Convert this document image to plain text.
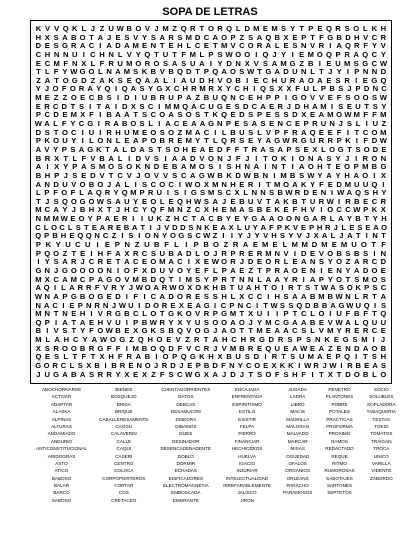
SOPA DE LETRAS
K V V Q K L J Z U W B O V J M Z Q R T O R Q L D M E M S Y T P E Q R S O L K H
H X S A B O T A J E S V Y S A R S M D C A O P Z S A Q B X E P T F G B D H V C R
D E S G R A C I A D A M E N T E H L C E T M V C O R A L E S N V R I A Q R F Y V
C H N N U I C H N L V Y Q T U T F M L P S W O O I Q J Y I E M O Q P R A Q C Y
E C M F N X L F R U M O R O S A S U A I Y D N X V S A M G Z B I E U M S G C W
T L F Y W G O L N A M S K B V B Q D T P Q A O S W T G A D U N L T J Y I P N N D
Z A T O G D Z A K S E Q A A L I A U D H V O B I E C H U R A O A E S R I E G Q
Y J O F O R A Y Q I Q A S Y G X C H R M R X Y C H I Q S X X F U L P B S J P D N C
M E Z Z O E C B S I D I U B R U P A Z B U Q N C E H P P I G O V V E F S O O S W
E R C D T S I T A I D X S C I M M Q A C U G E S D C A E R J D H A M I S E U T S Y
P C D E M X F I B A A T S C O A S O S T K Q E D S P E S S D X E A M O W M F F M
W A L F Y C G I R A B O S L I A C E A A G N P E S A S E N C E P R U N J S L I U Z
D S T O C I U I R H U M E O S O Z M A C I L B U S L V P F R A Q E E F I T C O M
P K O U Y I L O N L E A P O B R E M Y T L Q R S E Y A G W R G U R R P K I F D W
A V Y P S A G K T A L D A S T S O H E A E D F F T R A S A P S E X L O G T S O D E
B R X T L F V B A L I D V S I A A D V O N J F J I T O K I O N A S Y J I R O N
A I X Y P A S M O S O K N D E B A M O S I S H N A I N T I A O H T E O P M B G
B H P J S E D V T C V J O V V S C A G W B K D W B N I M B S W Y A Y H A O I X
A N D U V O B O J A L I S C O C I W O X M N H E R I T M O A K Y F E D M U U Q I
L P F O F L A Q R Y Q M P R U I S I G S M S C X L N N S B W R D E N I W A Q S H Y
T J S Q O G O W S A U Y E O L E Q H W S A J E B U V T A K B T U R W I R B E C R
M C A Y J B H X T J H C Y Q F M N Z C X H E M A S B E K E F H V I O C C W P K X
N M M W E O Y P A E R I I U K Z H C T A C B Y E Y G A A O O N G A R L A Y B T Y H
C L O C L S T E A R E B A T I J V D D S N K E A X L U Y A F P K V E P H R J L E S E A O
Q P B H E Q Q N C Z I S I O N Y O G S C W Z I I Y J Y V H S Y V J X A L J A T I N T
P K Y U C U I E P N Z U B F L I P B O Z R A E M E L M M D M E M U O T F
P Q O Z T E I H F A X R C S U B A D L O J R P R E R M N V I D E V O B S B S I N
I Y S A R J C R E T A C E O M A C I X E W O R J D E O R L E A N S Y O Z A R C D
G N J G O O O O N I O F X D U V O Y E F L P A E Z T P R A O E N I E N Y A D O E
M X C A M C P A G O V M B D Q T I M S Y P R T N N L A A Y R I A P Y O T S M O S
A Q I L A R R F V R Y J W O A R W O X O K H B T U A H T O I R T S T W A S O K P S C
W N A P G B O G E D I F I C A D O R E S S H L X C C I H S A A B M B W N L R T A
N A C I E P N R N J W U I D O R E X E A G I C P N C I T W S S Q D B B A G W U Q I S
M N T N E H I V R G B C L O T G K O V R P G M T X U I I P T C L O I U F B F T Q
Q P I A T A E H V U I P B W R Y X Y U S O O A O J Y M C G A A B E V W A L Q U U
B I V S T Y F O W B E X G K S B Q V O G J A O T T M E A A C S L V M Y R E R C E
M L A H C Y A W O G Z Q H O E V Z R T A H C H R G D R S P S N K E G S M I J
X S R O O B R G F F I M B O Q D F V C R J V M B R E Q U E A W E A Z E N D A O B
Q E S L T F T X H F R A B I O P Q G K H X B U S D I R T S U M A E P Q I T S H
G O R C L S X B I B R E N O J R D J E P B D F N Y C O E X K K I W R J W I R B E A S
J U G A B A S R R Y X E X Z F S C W G X A J D J T S O F S H F I T X T D O B L O
ABOCHORNARSE
ACTIVAR
ADAPTAR
ALASKA
ALPINAS
ALTURAS
ANDAMIADO
ANDURIO
ANTICONSTITUCIONAL
ARIDOGRAS
ASTO
ATICO
BABOSO
BALAR
BARCO
SABOSO
BIENES
BOSQUEJO
BRIDA
BRIQUE
CABALLERESAMENTE
CAGGU
CALAVERIN
CALLE
CAQUI
CASERI
CENTRO
COLOCA
CORPOPIERTEROS
CORTAR
COS
CRETACEO
CUENTAGORRIENTES
DATOS
DEBCAS
DESAMUCON
DISEGRA
DIBAMOS
DIJES
DESINADOR
DESENCADENADENTE
DOBLO
DORMIR
ECHADAS
EDIFICADORES
ELECTROMAGNETIA
EMBOSCADA
EMORANTE
ENCAJADA
ENFRENTADA
ESPIRITISMO
ESTILO
EXISTIR
FELPA
FIERRO
FINANCIAR
HECHICEROS
HUELVA
IGACIO
INJURIAR
INTELECTUALIDAD
IRREFARABLEMENTE
JALISCO
JIRON
JUGADA
LADRA
LIBRO
MACIS
MADRILLA
MALGRAN
MALVADO
MARCAR
MISAS
OGUEDAD
OFALOS
ORGANIOS
ORLEANS
PARACHO
PARAMOSOS
PENETRO
PLANTONES
POBRE
POTALES
PRACTICAS
PROFORMA
PROXIMO
RAMOS
REDACTADO
REQUE
RITMO
RUMOROSAS
SABOTAJES
SARTONES
SEPTETOS
SOCIO
SOLUBLES
SOPLADORA
TABAQUERIA
TESTAS
TOKIO
TOMATOS
TRAIGAN
TROCA
UNICO
VARILLA
VIDENTE
ZABORDO
